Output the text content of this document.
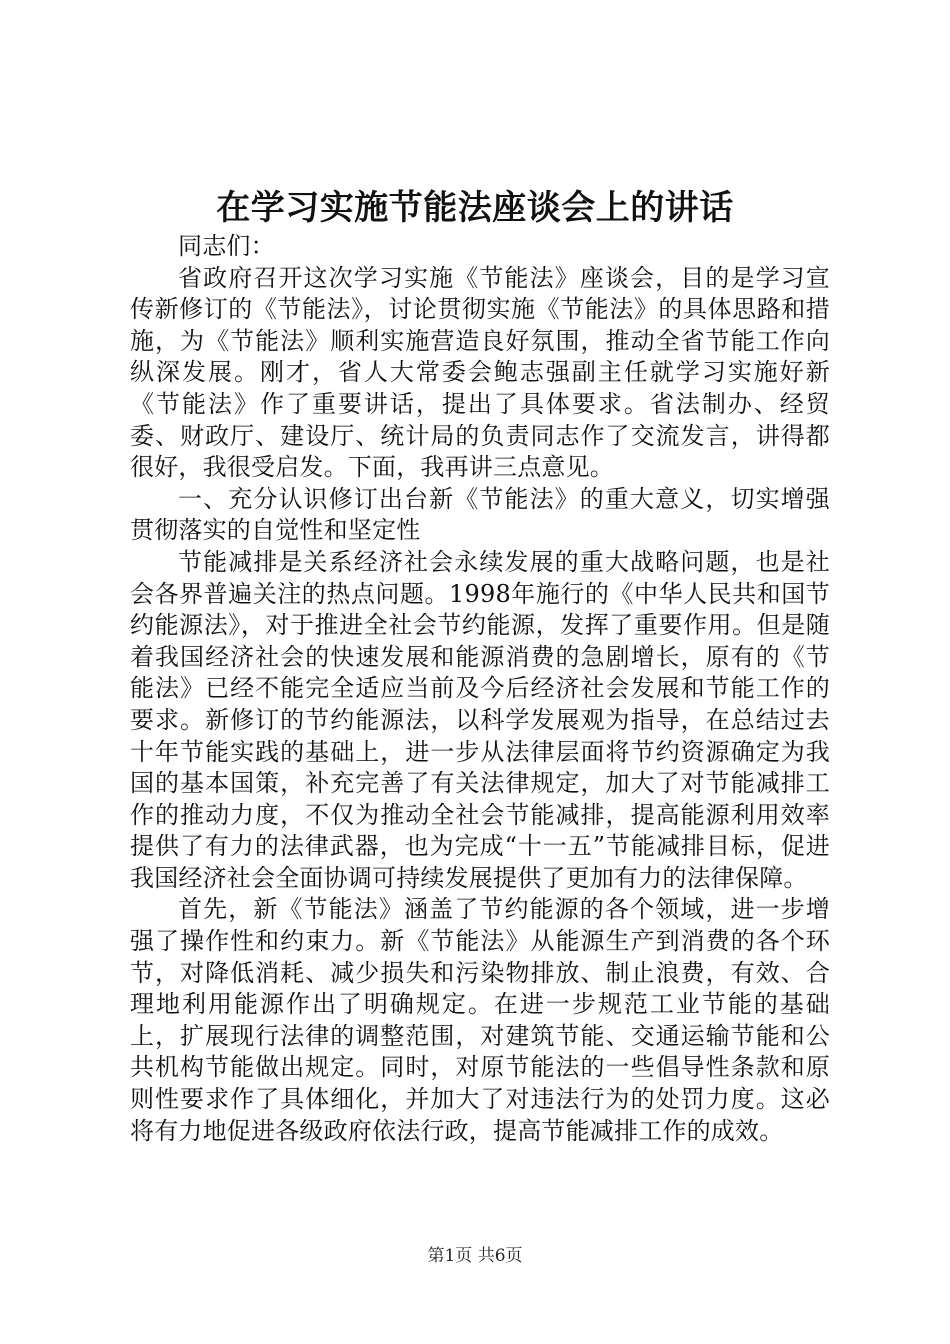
在学习实施节能法座谈会上的讲话

同志们：

省政府召开这次学习实施《节能法》座谈会，目的是学习宣传新修订的《节能法》，讨论贯彻实施《节能法》的具体思路和措施，为《节能法》顺利实施营造良好氛围，推动全省节能工作向纵深发展。刚才，省人大常委会鲍志强副主任就学习实施好新《节能法》作了重要讲话，提出了具体要求。省法制办、经贸委、财政厅、建设厅、统计局的负责同志作了交流发言，讲得都很好，我很受启发。下面，我再讲三点意见。

一、充分认识修订出台新《节能法》的重大意义，切实增强贯彻落实的自觉性和坚定性

节能减排是关系经济社会永续发展的重大战略问题，也是社会各界普遍关注的热点问题。1998年施行的《中华人民共和国节约能源法》，对于推进全社会节约能源，发挥了重要作用。但是随着我国经济社会的快速发展和能源消费的急剧增长，原有的《节能法》已经不能完全适应当前及今后经济社会发展和节能工作的要求。新修订的节约能源法，以科学发展观为指导，在总结过去十年节能实践的基础上，进一步从法律层面将节约资源确定为我国的基本国策，补充完善了有关法律规定，加大了对节能减排工作的推动力度，不仅为推动全社会节能减排，提高能源利用效率提供了有力的法律武器，也为完成“十一五”节能减排目标，促进我国经济社会全面协调可持续发展提供了更加有力的法律保障。

首先，新《节能法》涵盖了节约能源的各个领域，进一步增强了操作性和约束力。新《节能法》从能源生产到消费的各个环节，对降低消耗、减少损失和污染物排放、制止浪费，有效、合理地利用能源作出了明确规定。在进一步规范工业节能的基础上，扩展现行法律的调整范围，对建筑节能、交通运输节能和公共机构节能做出规定。同时，对原节能法的一些倡导性条款和原则性要求作了具体细化，并加大了对违法行为的处罚力度。这必将有力地促进各级政府依法行政，提高节能减排工作的成效。

第1页 共6页
